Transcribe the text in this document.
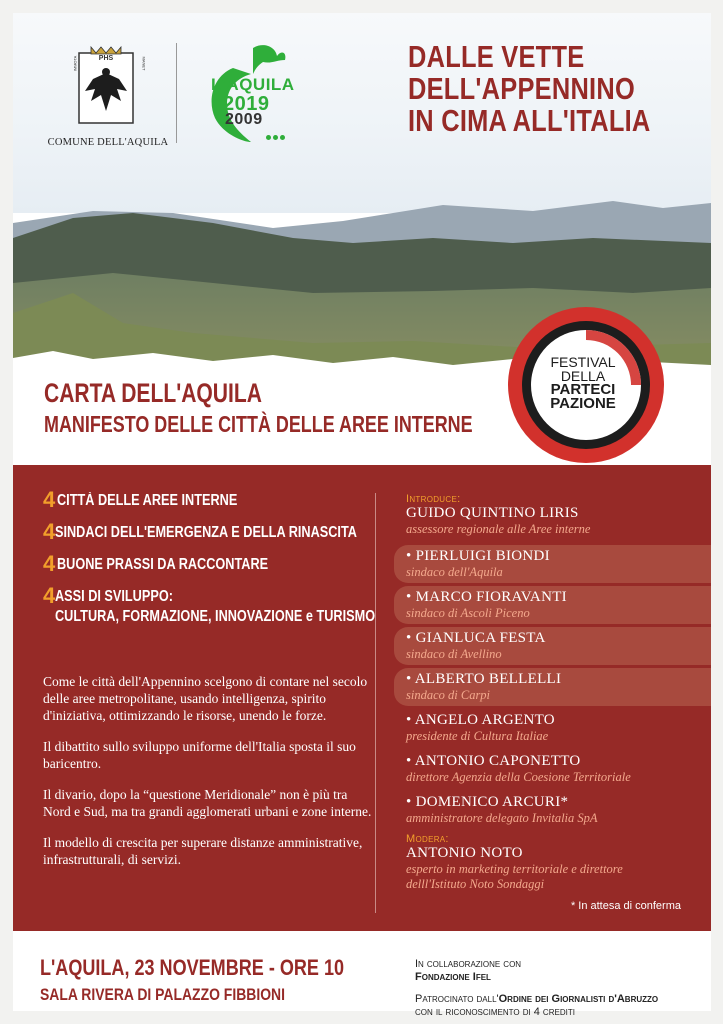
PHS
IMMOTA	MANET
COMUNE DELL'AQUILA
L'AQUILA
2019
2009
DALLE VETTE
DELL'APPENNINO
IN CIMA ALL'ITALIA
CARTA DELL'AQUILA
MANIFESTO DELLE CITTÀ DELLE AREE INTERNE
FESTIVAL
DELLA
PARTECI
PAZIONE
4 CITTÀ DELLE AREE INTERNE
4 SINDACI DELL'EMERGENZA E DELLA RINASCITA
4 BUONE PRASSI DA RACCONTARE
4 ASSI DI SVILUPPO:
CULTURA, FORMAZIONE, INNOVAZIONE e TURISMO

Come le città dell'Appennino scelgono di contare nel secolo delle aree metropolitane, usando intelligenza, spirito d'iniziativa, ottimizzando le risorse, unendo le forze.

Il dibattito sullo sviluppo uniforme dell'Italia sposta il suo baricentro.

Il divario, dopo la “questione Meridionale” non è più tra Nord e Sud, ma tra grandi agglomerati urbani e zone interne.

Il modello di crescita per superare distanze amministrative, infrastrutturali, di servizi.

Introduce:
GUIDO QUINTINO LIRIS
assessore regionale alle Aree interne
• PIERLUIGI BIONDI
sindaco dell'Aquila
• MARCO FIORAVANTI
sindaco di Ascoli Piceno
• GIANLUCA FESTA
sindaco di Avellino
• ALBERTO BELLELLI
sindaco di Carpi
• ANGELO ARGENTO
presidente di Cultura Italiae
• ANTONIO CAPONETTO
direttore Agenzia della Coesione Territoriale
• DOMENICO ARCURI*
amministratore delegato Invitalia SpA
Modera:
ANTONIO NOTO
esperto in marketing territoriale e direttore
delll'Istituto Noto Sondaggi
* In attesa di conferma
L'AQUILA, 23 NOVEMBRE - ORE 10
SALA RIVERA DI PALAZZO FIBBIONI
In collaborazione con
Fondazione Ifel
Patrocinato dall'Ordine dei Giornalisti d'Abruzzo
con il riconoscimento di 4 crediti
